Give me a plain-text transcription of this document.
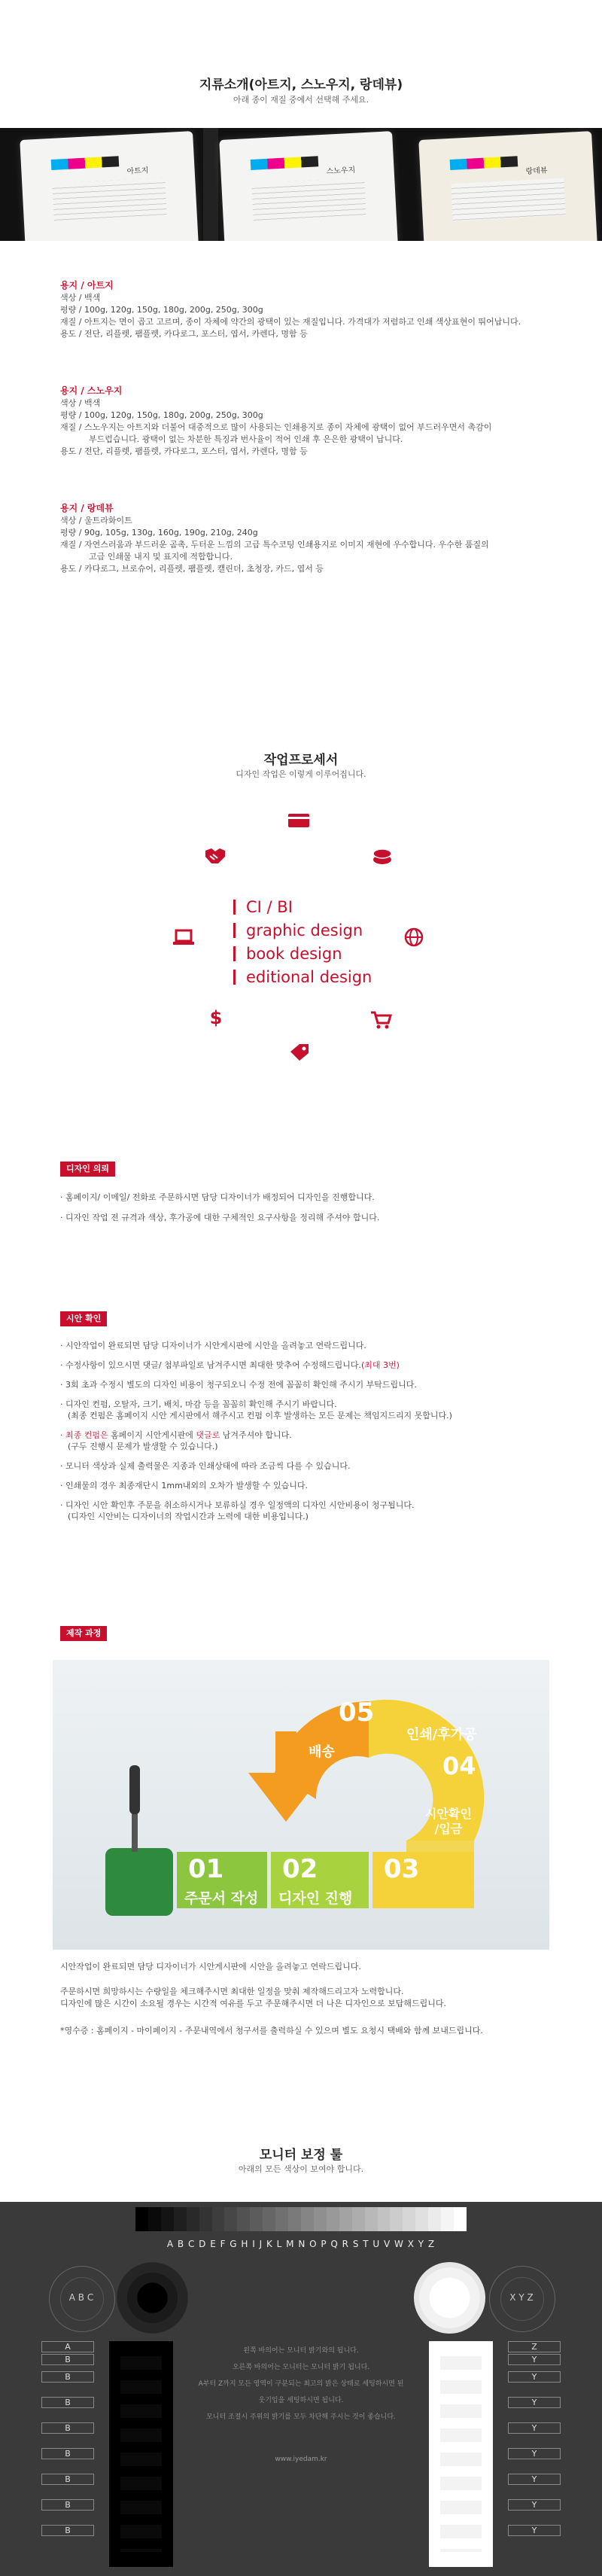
지류소개(아트지, 스노우지, 랑데뷰)
아래 종이 재질 중에서 선택해 주세요.
아트지	스노우지	랑데뷰
용지 / 아트지
색상 / 백색
평량 / 100g, 120g, 150g, 180g, 200g, 250g, 300g
재질 / 아트지는 면이 곱고 고르며, 종이 자체에 약간의 광택이 있는 재질입니다. 가격대가 저렴하고 인쇄 색상표현이 뛰어납니다.
용도 / 전단, 리플렛, 팸플렛, 카다로그, 포스터, 엽서, 카렌다, 명함 등
용지 / 스노우지
색상 / 백색
평량 / 100g, 120g, 150g, 180g, 200g, 250g, 300g
재질 / 스노우지는 아트지와 더불어 대중적으로 많이 사용되는 인쇄용지로 종이 자체에 광택이 없어 부드러우면서 촉감이
부드럽습니다. 광택이 없는 차분한 특징과 번사율이 적어 인쇄 후 은은한 광택이 납니다.
용도 / 전단, 리플렛, 팸플렛, 카다로그, 포스터, 엽서, 카렌다, 명함 등
용지 / 랑데뷰
색상 / 울트라화이트
평량 / 90g, 105g, 130g, 160g, 190g, 210g, 240g
재질 / 자연스러움과 부드러운 곰촉, 두터운 느낌의 고급 특수코팅 인쇄용지로 이미지 재현에 우수합니다. 우수한 품질의
고급 인쇄물 내지 및 표지에 적합합니다.
용도 / 카다로그, 브로슈어, 리플렛, 팸플렛, 캘린더, 초청장, 카드, 엽서 등
작업프로세서
디자인 작업은 이렇게 이루어집니다.
$
CI / BI
graphic design
book design
editional design
디자인 의뢰
· 홈페이지/ 이메일/ 전화로 주문하시면 담당 디자이너가 배정되어 디자인을 진행합니다.
· 디자인 작업 전 규격과 색상, 후가공에 대한 구체적인 요구사항을 정리해 주셔야 합니다.
시안 확인
· 시안작업이 완료되면 담당 디자이너가 시안게시판에 시안을 올려놓고 연락드립니다.
· 수정사항이 있으시면 댓글/ 첨부파일로 남겨주시면 최대한 맞추어 수정해드립니다.(최대 3번)
· 3회 초과 수정시 별도의 디자인 비용이 청구되오니 수정 전에 꼼꼼히 확인해 주시기 부탁드립니다.
· 디자인 컨펌, 오탈자, 크기, 배치, 마감 등을 꼼꼼히 확인해 주시기 바랍니다.
(최종 컨펌은 홈페이지 시안 게시판에서 해주시고 컨펌 이후 발생하는 모든 문제는 책임지드리지 못합니다.)
· 최종 컨펌은 홈페이지 시안게시판에 댓글로 남겨주셔야 합니다.
(구두 진행시 문제가 발생할 수 있습니다.)
· 모니터 색상과 실제 출력물은 지종과 인쇄상태에 따라 조금씩 다를 수 있습니다.
· 인쇄물의 경우 최종재단시 1mm내외의 오차가 발생할 수 있습니다.
· 디자인 시안 확인후 주문을 취소하시거나 보류하실 경우 일정액의 디자인 시안비용이 청구됩니다.
(디자인 시안비는 디자이너의 작업시간과 노력에 대한 비용입니다.)
제작 과정
01
주문서 작성
02
디자인 진행
03
시안확인
/입금
04
인쇄/후가공
05
배송
시안작업이 완료되면 담당 디자이너가 시안게시판에 시안을 올려놓고 연락드립니다.
주문하시면 희망하시는 수량일을 체크해주시면 최대한 일정을 맞춰 제작해드리고자 노력합니다.
디자인에 많은 시간이 소요될 경우는 시간적 여유를 두고 주문해주시면 더 나은 디자인으로 보답해드립니다.
*영수증 : 홈페이지 - 마이페이지 - 주문내역에서 청구서를 출력하실 수 있으며 별도 요청시 택배와 함께 보내드립니다.
모니터 보정 툴
아래의 모든 색상이 보여야 합니다.
A B C D E F G H I J K L M N O P Q R S T U V W X Y Z
A B C	X Y Z
A
B
B
B
B
B
B
B
B
Z
Y
Y
Y
Y
Y
Y
Y
Y
왼쪽 바의어는 모니터 밝기와의 됩니다.
오른쪽 바의어는 모니터는 모니터 밝기 됩니다.
A부터 Z까지 모든 영역이 구분되는 최고의 밝은 상태로 세팅하시면 된
웃기입을 세팅하시면 됩니다.
모니터 조절시 주위의 밝기를 모두 차단해 주시는 것이 좋습니다.
www.iyedam.kr
